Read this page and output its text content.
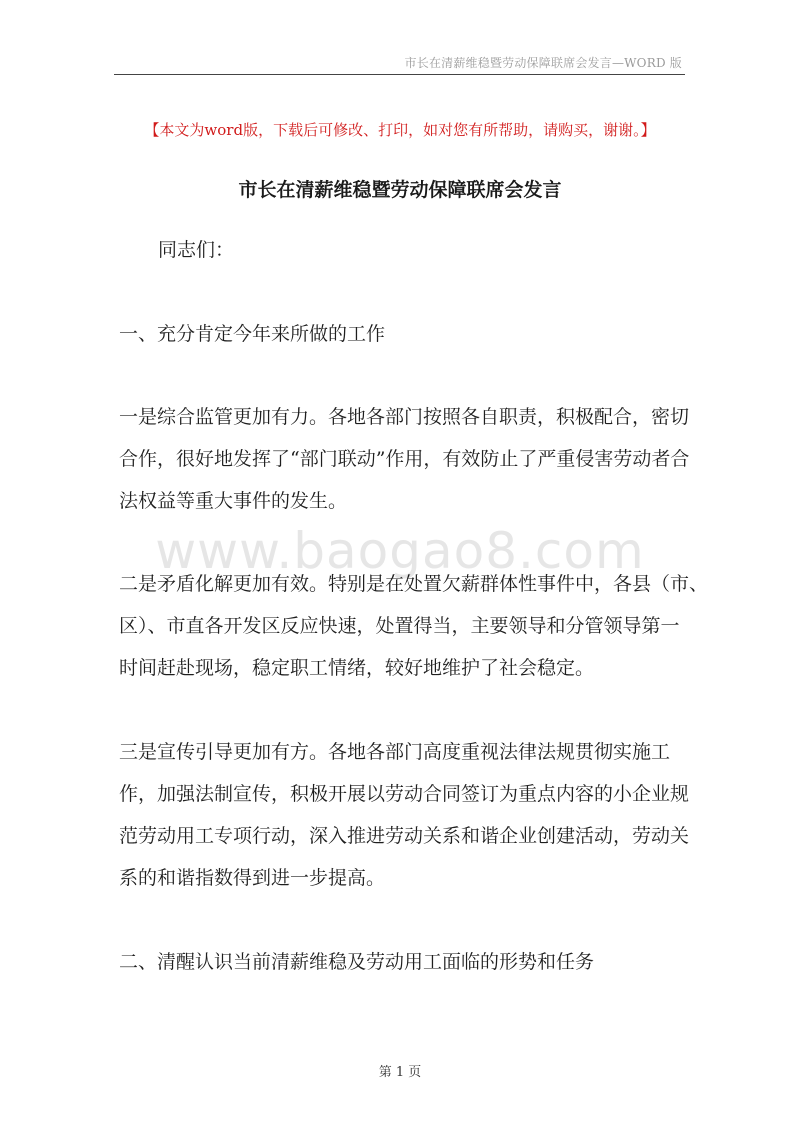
市长在清薪维稳暨劳动保障联席会发言—WORD 版
www.baogao8.com
【本文为word版，下载后可修改、打印，如对您有所帮助，请购买，谢谢。】
市长在清薪维稳暨劳动保障联席会发言
同志们：
一、充分肯定今年来所做的工作
一是综合监管更加有力。各地各部门按照各自职责，积极配合，密切
合作，很好地发挥了“部门联动”作用，有效防止了严重侵害劳动者合
法权益等重大事件的发生。
二是矛盾化解更加有效。特别是在处置欠薪群体性事件中，各县（市、
区）、市直各开发区反应快速，处置得当，主要领导和分管领导第一
时间赶赴现场，稳定职工情绪，较好地维护了社会稳定。
三是宣传引导更加有方。各地各部门高度重视法律法规贯彻实施工
作，加强法制宣传，积极开展以劳动合同签订为重点内容的小企业规
范劳动用工专项行动，深入推进劳动关系和谐企业创建活动，劳动关
系的和谐指数得到进一步提高。
二、清醒认识当前清薪维稳及劳动用工面临的形势和任务
第 1 页
